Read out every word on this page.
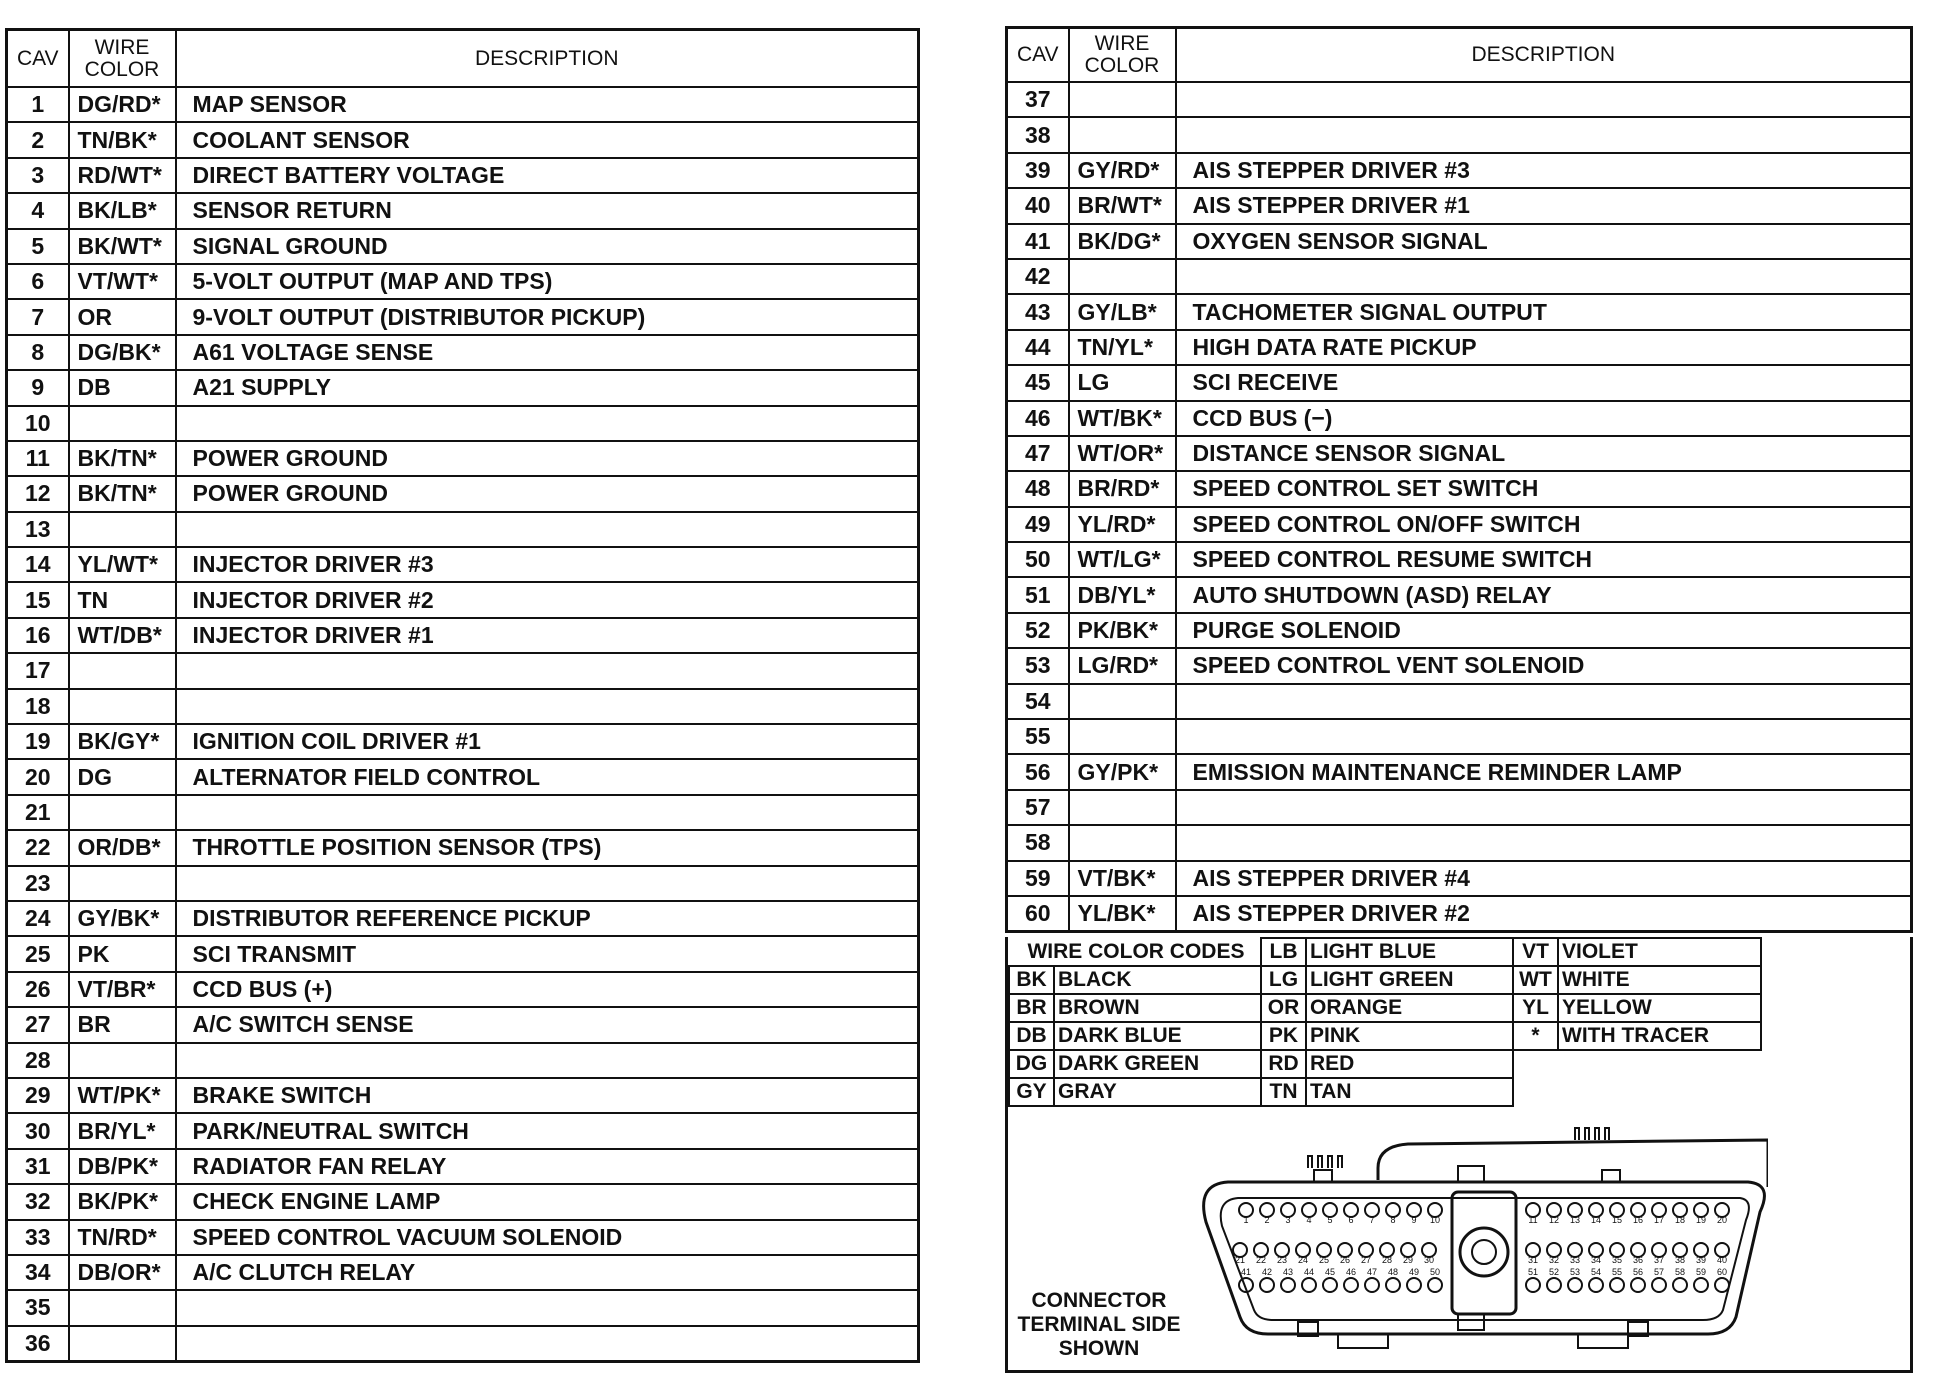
CAV	WIRE COLOR	DESCRIPTION
1	DG/RD*	MAP SENSOR
2	TN/BK*	COOLANT SENSOR
3	RD/WT*	DIRECT BATTERY VOLTAGE
4	BK/LB*	SENSOR RETURN
5	BK/WT*	SIGNAL GROUND
6	VT/WT*	5-VOLT OUTPUT (MAP AND TPS)
7	OR	9-VOLT OUTPUT (DISTRIBUTOR PICKUP)
8	DG/BK*	A61 VOLTAGE SENSE
9	DB	A21 SUPPLY
10		
11	BK/TN*	POWER GROUND
12	BK/TN*	POWER GROUND
13		
14	YL/WT*	INJECTOR DRIVER #3
15	TN	INJECTOR DRIVER #2
16	WT/DB*	INJECTOR DRIVER #1
17		
18		
19	BK/GY*	IGNITION COIL DRIVER #1
20	DG	ALTERNATOR FIELD CONTROL
21		
22	OR/DB*	THROTTLE POSITION SENSOR (TPS)
23		
24	GY/BK*	DISTRIBUTOR REFERENCE PICKUP
25	PK	SCI TRANSMIT
26	VT/BR*	CCD BUS (+)
27	BR	A/C SWITCH SENSE
28		
29	WT/PK*	BRAKE SWITCH
30	BR/YL*	PARK/NEUTRAL SWITCH
31	DB/PK*	RADIATOR FAN RELAY
32	BK/PK*	CHECK ENGINE LAMP
33	TN/RD*	SPEED CONTROL VACUUM SOLENOID
34	DB/OR*	A/C CLUTCH RELAY
35		
36		
CAV	WIRE COLOR	DESCRIPTION
37		
38		
39	GY/RD*	AIS STEPPER DRIVER #3
40	BR/WT*	AIS STEPPER DRIVER #1
41	BK/DG*	OXYGEN SENSOR SIGNAL
42		
43	GY/LB*	TACHOMETER SIGNAL OUTPUT
44	TN/YL*	HIGH DATA RATE PICKUP
45	LG	SCI RECEIVE
46	WT/BK*	CCD BUS (−)
47	WT/OR*	DISTANCE SENSOR SIGNAL
48	BR/RD*	SPEED CONTROL SET SWITCH
49	YL/RD*	SPEED CONTROL ON/OFF SWITCH
50	WT/LG*	SPEED CONTROL RESUME SWITCH
51	DB/YL*	AUTO SHUTDOWN (ASD) RELAY
52	PK/BK*	PURGE SOLENOID
53	LG/RD*	SPEED CONTROL VENT SOLENOID
54		
55		
56	GY/PK*	EMISSION MAINTENANCE REMINDER LAMP
57		
58		
59	VT/BK*	AIS STEPPER DRIVER #4
60	YL/BK*	AIS STEPPER DRIVER #2
WIRE COLOR CODES		LB	LIGHT BLUE	VT	VIOLET
BK	BLACK	LG	LIGHT GREEN	WT	WHITE
BR	BROWN	OR	ORANGE	YL	YELLOW
DB	DARK BLUE	PK	PINK	*	WITH TRACER
DG	DARK GREEN	RD	RED		
GY	GRAY	TN	TAN		
CONNECTOR
TERMINAL SIDE
SHOWN
1 2 3 4 5 6 7 8 9 10	11 12 13 14 15 16 17 18 19 20
21 22 23 24 25 26 27 28 29 30	31 32 33 34 35 36 37 38 39 40
41 42 43 44 45 46 47 48 49 50	51 52 53 54 55 56 57 58 59 60
